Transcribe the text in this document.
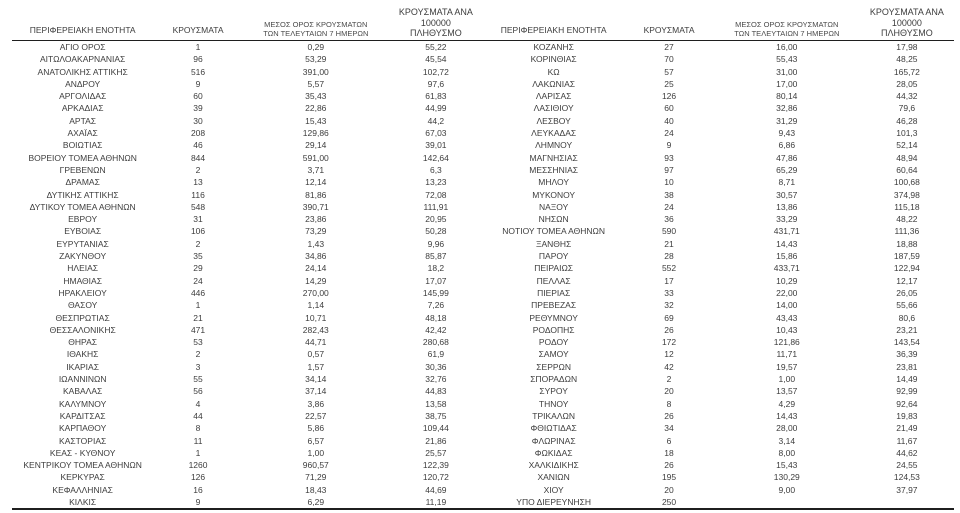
ΠΕΡΙΦΕΡΕΙΑΚΗ ΕΝΟΤΗΤΑ	ΚΡΟΥΣΜΑΤΑ	ΜΕΣΟΣ ΟΡΟΣ ΚΡΟΥΣΜΑΤΩΝ
ΤΩΝ ΤΕΛΕΥΤΑΙΩΝ 7 ΗΜΕΡΩΝ	ΚΡΟΥΣΜΑΤΑ ΑΝΑ 100000
ΠΛΗΘΥΣΜΟ

ΑΓΙΟ ΟΡΟΣ	1	0,29	55,22
ΑΙΤΩΛΟΑΚΑΡΝΑΝΙΑΣ	96	53,29	45,54
ΑΝΑΤΟΛΙΚΗΣ ΑΤΤΙΚΗΣ	516	391,00	102,72
ΑΝΔΡΟΥ	9	5,57	97,6
ΑΡΓΟΛΙΔΑΣ	60	35,43	61,83
ΑΡΚΑΔΙΑΣ	39	22,86	44,99
ΑΡΤΑΣ	30	15,43	44,2
ΑΧΑΪΑΣ	208	129,86	67,03
ΒΟΙΩΤΙΑΣ	46	29,14	39,01
ΒΟΡΕΙΟΥ ΤΟΜΕΑ ΑΘΗΝΩΝ	844	591,00	142,64
ΓΡΕΒΕΝΩΝ	2	3,71	6,3
ΔΡΑΜΑΣ	13	12,14	13,23
ΔΥΤΙΚΗΣ ΑΤΤΙΚΗΣ	116	81,86	72,08
ΔΥΤΙΚΟΥ ΤΟΜΕΑ ΑΘΗΝΩΝ	548	390,71	111,91
ΕΒΡΟΥ	31	23,86	20,95
ΕΥΒΟΙΑΣ	106	73,29	50,28
ΕΥΡΥΤΑΝΙΑΣ	2	1,43	9,96
ΖΑΚΥΝΘΟΥ	35	34,86	85,87
ΗΛΕΙΑΣ	29	24,14	18,2
ΗΜΑΘΙΑΣ	24	14,29	17,07
ΗΡΑΚΛΕΙΟΥ	446	270,00	145,99
ΘΑΣΟΥ	1	1,14	7,26
ΘΕΣΠΡΩΤΙΑΣ	21	10,71	48,18
ΘΕΣΣΑΛΟΝΙΚΗΣ	471	282,43	42,42
ΘΗΡΑΣ	53	44,71	280,68
ΙΘΑΚΗΣ	2	0,57	61,9
ΙΚΑΡΙΑΣ	3	1,57	30,36
ΙΩΑΝΝΙΝΩΝ	55	34,14	32,76
ΚΑΒΑΛΑΣ	56	37,14	44,83
ΚΑΛΥΜΝΟΥ	4	3,86	13,58
ΚΑΡΔΙΤΣΑΣ	44	22,57	38,75
ΚΑΡΠΑΘΟΥ	8	5,86	109,44
ΚΑΣΤΟΡΙΑΣ	11	6,57	21,86
ΚΕΑΣ - ΚΥΘΝΟΥ	1	1,00	25,57
ΚΕΝΤΡΙΚΟΥ ΤΟΜΕΑ ΑΘΗΝΩΝ	1260	960,57	122,39
ΚΕΡΚΥΡΑΣ	126	71,29	120,72
ΚΕΦΑΛΛΗΝΙΑΣ	16	18,43	44,69
ΚΙΛΚΙΣ	9	6,29	11,19
ΠΕΡΙΦΕΡΕΙΑΚΗ ΕΝΟΤΗΤΑ	ΚΡΟΥΣΜΑΤΑ	ΜΕΣΟΣ ΟΡΟΣ ΚΡΟΥΣΜΑΤΩΝ
ΤΩΝ ΤΕΛΕΥΤΑΙΩΝ 7 ΗΜΕΡΩΝ	ΚΡΟΥΣΜΑΤΑ ΑΝΑ 100000
ΠΛΗΘΥΣΜΟ

ΚΟΖΑΝΗΣ	27	16,00	17,98
ΚΟΡΙΝΘΙΑΣ	70	55,43	48,25
ΚΩ	57	31,00	165,72
ΛΑΚΩΝΙΑΣ	25	17,00	28,05
ΛΑΡΙΣΑΣ	126	80,14	44,32
ΛΑΣΙΘΙΟΥ	60	32,86	79,6
ΛΕΣΒΟΥ	40	31,29	46,28
ΛΕΥΚΑΔΑΣ	24	9,43	101,3
ΛΗΜΝΟΥ	9	6,86	52,14
ΜΑΓΝΗΣΙΑΣ	93	47,86	48,94
ΜΕΣΣΗΝΙΑΣ	97	65,29	60,64
ΜΗΛΟΥ	10	8,71	100,68
ΜΥΚΟΝΟΥ	38	30,57	374,98
ΝΑΞΟΥ	24	13,86	115,18
ΝΗΣΩΝ	36	33,29	48,22
ΝΟΤΙΟΥ ΤΟΜΕΑ ΑΘΗΝΩΝ	590	431,71	111,36
ΞΑΝΘΗΣ	21	14,43	18,88
ΠΑΡΟΥ	28	15,86	187,59
ΠΕΙΡΑΙΩΣ	552	433,71	122,94
ΠΕΛΛΑΣ	17	10,29	12,17
ΠΙΕΡΙΑΣ	33	22,00	26,05
ΠΡΕΒΕΖΑΣ	32	14,00	55,66
ΡΕΘΥΜΝΟΥ	69	43,43	80,6
ΡΟΔΟΠΗΣ	26	10,43	23,21
ΡΟΔΟΥ	172	121,86	143,54
ΣΑΜΟΥ	12	11,71	36,39
ΣΕΡΡΩΝ	42	19,57	23,81
ΣΠΟΡΑΔΩΝ	2	1,00	14,49
ΣΥΡΟΥ	20	13,57	92,99
ΤΗΝΟΥ	8	4,29	92,64
ΤΡΙΚΑΛΩΝ	26	14,43	19,83
ΦΘΙΩΤΙΔΑΣ	34	28,00	21,49
ΦΛΩΡΙΝΑΣ	6	3,14	11,67
ΦΩΚΙΔΑΣ	18	8,00	44,62
ΧΑΛΚΙΔΙΚΗΣ	26	15,43	24,55
ΧΑΝΙΩΝ	195	130,29	124,53
ΧΙΟΥ	20	9,00	37,97
ΥΠΟ ΔΙΕΡΕΥΝΗΣΗ	250		
